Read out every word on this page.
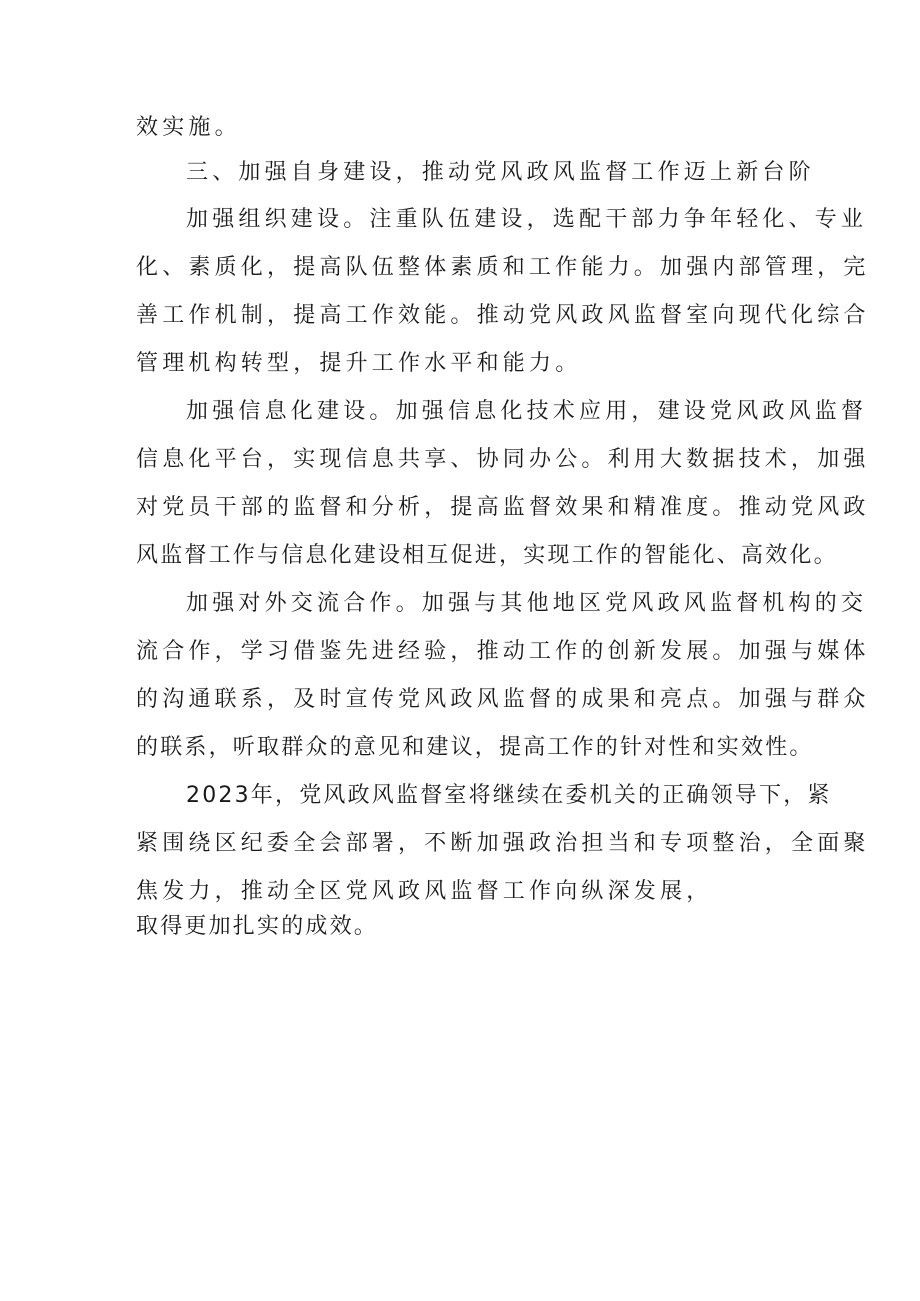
效实施。
三、加强自身建设，推动党风政风监督工作迈上新台阶
加强组织建设。注重队伍建设，选配干部力争年轻化、专业
化、素质化，提高队伍整体素质和工作能力。加强内部管理，完
善工作机制，提高工作效能。推动党风政风监督室向现代化综合
管理机构转型，提升工作水平和能力。
加强信息化建设。加强信息化技术应用，建设党风政风监督
信息化平台，实现信息共享、协同办公。利用大数据技术，加强
对党员干部的监督和分析，提高监督效果和精准度。推动党风政
风监督工作与信息化建设相互促进，实现工作的智能化、高效化。
加强对外交流合作。加强与其他地区党风政风监督机构的交
流合作，学习借鉴先进经验，推动工作的创新发展。加强与媒体
的沟通联系，及时宣传党风政风监督的成果和亮点。加强与群众
的联系，听取群众的意见和建议，提高工作的针对性和实效性。
2023年，党风政风监督室将继续在委机关的正确领导下，紧
紧围绕区纪委全会部署，不断加强政治担当和专项整治，全面聚
焦发力，推动全区党风政风监督工作向纵深发展，
取得更加扎实的成效。
